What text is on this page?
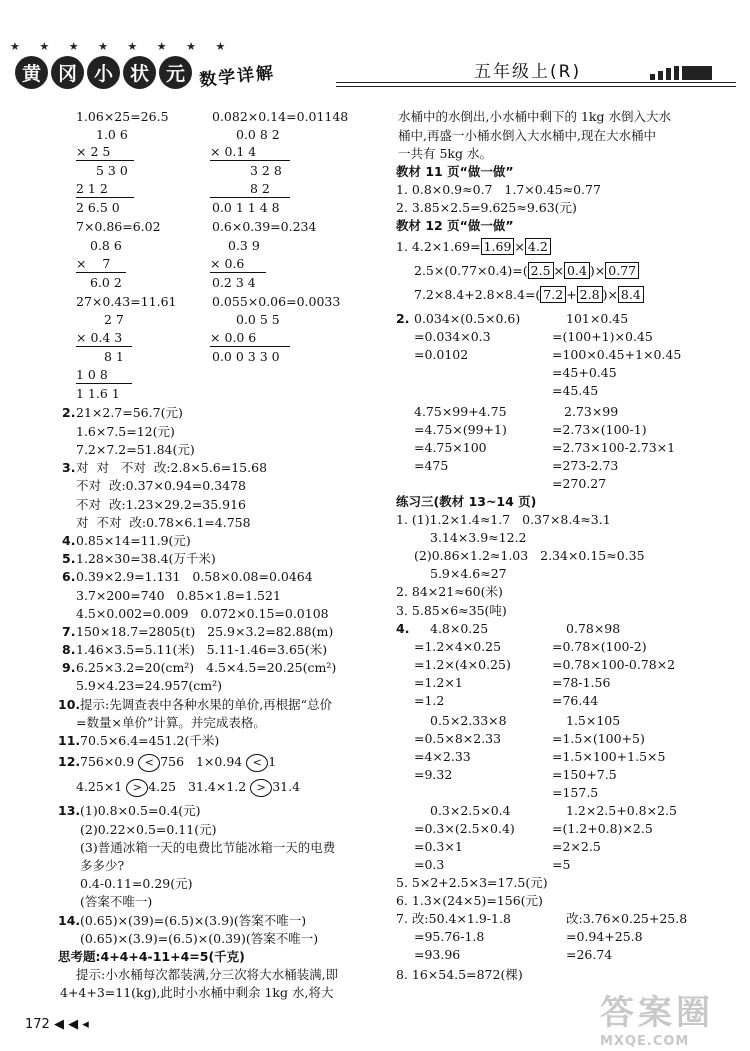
★ ★ ★ ★ ★ ★ ★ ★
黄 冈 小 状 元 数学详解	五年级上(R)
1.06×25=26.5
1.0 6
× 2 5
5 3 0
2 1 2
2 6.5 0
7×0.86=6.02
0.8 6
×    7
6.0 2
27×0.43=11.61
2 7
× 0.4 3
8 1
1 0 8
1 1.6 1
2. 21×2.7=56.7(元)
1.6×7.5=12(元)
7.2×7.2=51.84(元)
3. 对  对   不对  改:2.8×5.6=15.68
不对  改:0.37×0.94=0.3478
不对  改:1.23×29.2=35.916
对  不对  改:0.78×6.1=4.758
4. 0.85×14=11.9(元)
5. 1.28×30=38.4(万千米)
6. 0.39×2.9=1.131   0.58×0.08=0.0464
3.7×200=740   0.85×1.8=1.521
4.5×0.002=0.009   0.072×0.15=0.0108
7. 150×18.7=2805(t)   25.9×3.2=82.88(m)
8. 1.46×3.5=5.11(米)   5.11-1.46=3.65(米)
9. 6.25×3.2=20(cm²)   4.5×4.5=20.25(cm²)
5.9×4.23=24.957(cm²)
10. 提示:先调查表中各种水果的单价,再根据“总价
=数量×单价”计算。并完成表格。
11. 70.5×6.4=451.2(千米)
12. 756×0.9 < 756 1×0.94 < 1
4.25×1 > 4.25 31.4×1.2 > 31.4
13. (1)0.8×0.5=0.4(元)
(2)0.22×0.5=0.11(元)
(3)普通冰箱一天的电费比节能冰箱一天的电费
多多少?
0.4-0.11=0.29(元)
(答案不唯一)
14. (0.65)×(39)=(6.5)×(3.9)(答案不唯一)
(0.65)×(3.9)=(6.5)×(0.39)(答案不唯一)
思考题:4+4+4-11+4=5(千克)
提示:小水桶每次都装满,分三次将大水桶装满,即
4+4+3=11(kg),此时小水桶中剩余 1kg 水,将大
0.082×0.14=0.01148
0.0 8 2
× 0.1 4
3 2 8
8 2
0.0 1 1 4 8
0.6×0.39=0.234
0.3 9
× 0.6
0.2 3 4
0.055×0.06=0.0033
0.0 5 5
× 0.0 6
0.0 0 3 3 0
水桶中的水倒出,小水桶中剩下的 1kg 水倒入大水
桶中,再盛一小桶水倒入大水桶中,现在大水桶中
一共有 5kg 水。
教材 11 页“做一做”
1. 0.8×0.9≈0.7   1.7×0.45≈0.77
2. 3.85×2.5=9.625≈9.63(元)
教材 12 页“做一做”
1. 4.2×1.69= 1.69 × 4.2
2.5×(0.77×0.4)=( 2.5 × 0.4 )× 0.77
7.2×8.4+2.8×8.4=( 7.2 + 2.8 )× 8.4
2. 0.034×(0.5×0.6)
=0.034×0.3
=0.0102
101×0.45
=(100+1)×0.45
=100×0.45+1×0.45
=45+0.45
=45.45
4.75×99+4.75
=4.75×(99+1)
=4.75×100
=475
2.73×99
=2.73×(100-1)
=2.73×100-2.73×1
=273-2.73
=270.27
练习三(教材 13~14 页)
1. (1)1.2×1.4≈1.7   0.37×8.4≈3.1
3.14×3.9≈12.2
(2)0.86×1.2≈1.03   2.34×0.15≈0.35
5.9×4.6≈27
2. 84×21≈60(米)
3. 5.85×6≈35(吨)
4. 4.8×0.25
=1.2×4×0.25
=1.2×(4×0.25)
=1.2×1
=1.2
0.78×98
=0.78×(100-2)
=0.78×100-0.78×2
=78-1.56
=76.44
0.5×2.33×8
=0.5×8×2.33
=4×2.33
=9.32
1.5×105
=1.5×(100+5)
=1.5×100+1.5×5
=150+7.5
=157.5
0.3×2.5×0.4
=0.3×(2.5×0.4)
=0.3×1
=0.3
1.2×2.5+0.8×2.5
=(1.2+0.8)×2.5
=2×2.5
=5
5. 5×2+2.5×3=17.5(元)
6. 1.3×(24×5)=156(元)
7. 改:50.4×1.9-1.8
=95.76-1.8
=93.96
改:3.76×0.25+25.8
=0.94+25.8
=26.74
8. 16×54.5=872(棵)
172 ◀ ◀ ◂	答案圈
MXQE.COM
